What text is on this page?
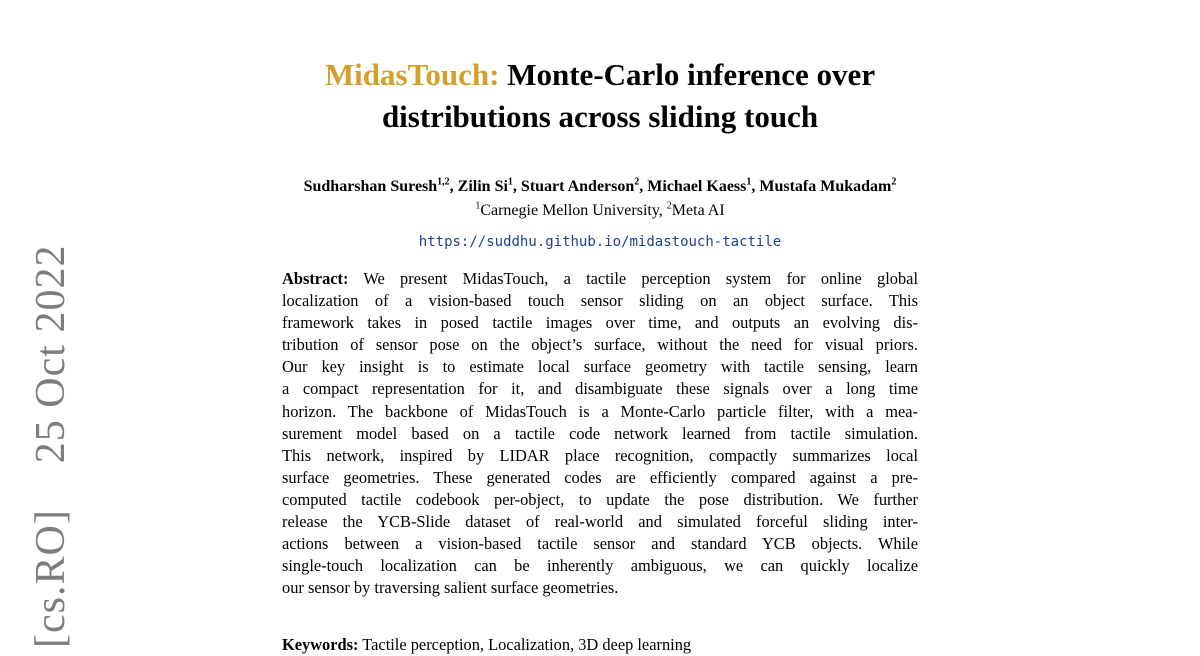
[cs.RO]    25 Oct 2022
MidasTouch: Monte-Carlo inference over
distributions across sliding touch
Sudharshan Suresh$^{1,2}$, Zilin Si$^1$, Stuart Anderson$^2$, Michael Kaess$^1$, Mustafa Mukadam$^2$
$^1$Carnegie Mellon University, $^2$Meta AI
https://suddhu.github.io/midastouch-tactile
Abstract: We present MidasTouch, a tactile perception system for online global
localization of a vision-based touch sensor sliding on an object surface. This
framework takes in posed tactile images over time, and outputs an evolving dis-
tribution of sensor pose on the object’s surface, without the need for visual priors.
Our key insight is to estimate local surface geometry with tactile sensing, learn
a compact representation for it, and disambiguate these signals over a long time
horizon. The backbone of MidasTouch is a Monte-Carlo particle filter, with a mea-
surement model based on a tactile code network learned from tactile simulation.
This network, inspired by LIDAR place recognition, compactly summarizes local
surface geometries. These generated codes are efficiently compared against a pre-
computed tactile codebook per-object, to update the pose distribution. We further
release the YCB-Slide dataset of real-world and simulated forceful sliding inter-
actions between a vision-based tactile sensor and standard YCB objects. While
single-touch localization can be inherently ambiguous, we can quickly localize
our sensor by traversing salient surface geometries.
Keywords: Tactile perception, Localization, 3D deep learning
